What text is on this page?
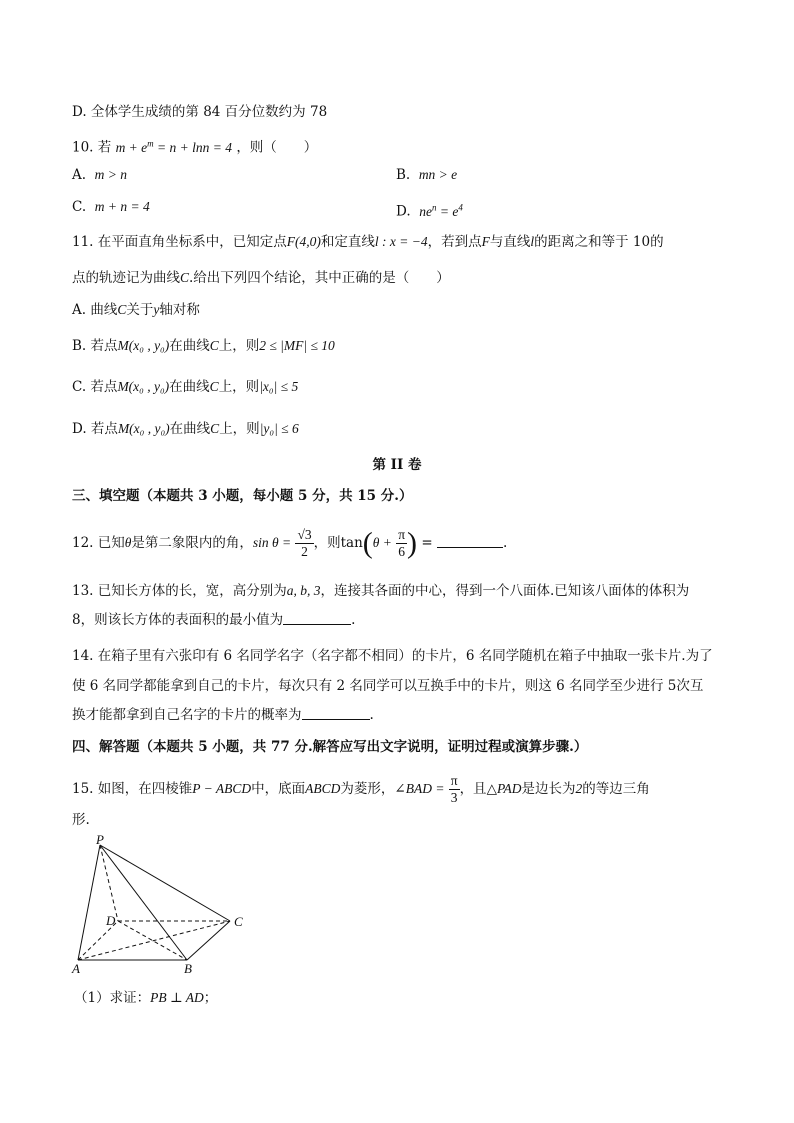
D. 全体学生成绩的第 84 百分位数约为 78
10. 若 $m + e^m = n + \ln n = 4$ ，则（　　）
A. m > n	B. mn > e
C. m + n = 4	D. $ne^n = e^4$
11. 在平面直角坐标系中，已知定点F(4,0)和定直线l : x = −4，若到点F与直线l的距离之和等于 10的
点的轨迹记为曲线C.给出下列四个结论，其中正确的是（　　）
A. 曲线C关于y轴对称
B. 若点M(x₀ , y₀)在曲线C上，则2 ≤ |MF| ≤ 10
C. 若点M(x₀ , y₀)在曲线C上，则|x₀| ≤ 5
D. 若点M(x₀ , y₀)在曲线C上，则|y₀| ≤ 6
第 II 卷
三、填空题（本题共 3 小题，每小题 5 分，共 15 分.）
12. 已知θ是第二象限内的角，$\sin \theta = \frac{√3}{2}$ ，则$\tan(\theta + \frac{\pi}{6}$ ) =	.
13. 已知长方体的长，宽，高分别为a, b, 3，连接其各面的中心，得到一个八面体.已知该八面体的体积为
8，则该长方体的表面积的最小值为	.
14. 在箱子里有六张印有 6 名同学名字（名字都不相同）的卡片，6 名同学随机在箱子中抽取一张卡片.为了
使 6 名同学都能拿到自己的卡片，每次只有 2 名同学可以互换手中的卡片，则这 6 名同学至少进行 5次互
换才能都拿到自己名字的卡片的概率为	.
四、解答题（本题共 5 小题，共 77 分.解答应写出文字说明，证明过程或演算步骤.）
15. 如图，在四棱锥P − ABCD中，底面ABCD为菱形，∠BAD = $\frac{\pi}{3}$ ，且△PAD是边长为2的等边三角
形.
P
D	C
A	B
（1）求证：PB ⊥ AD；
